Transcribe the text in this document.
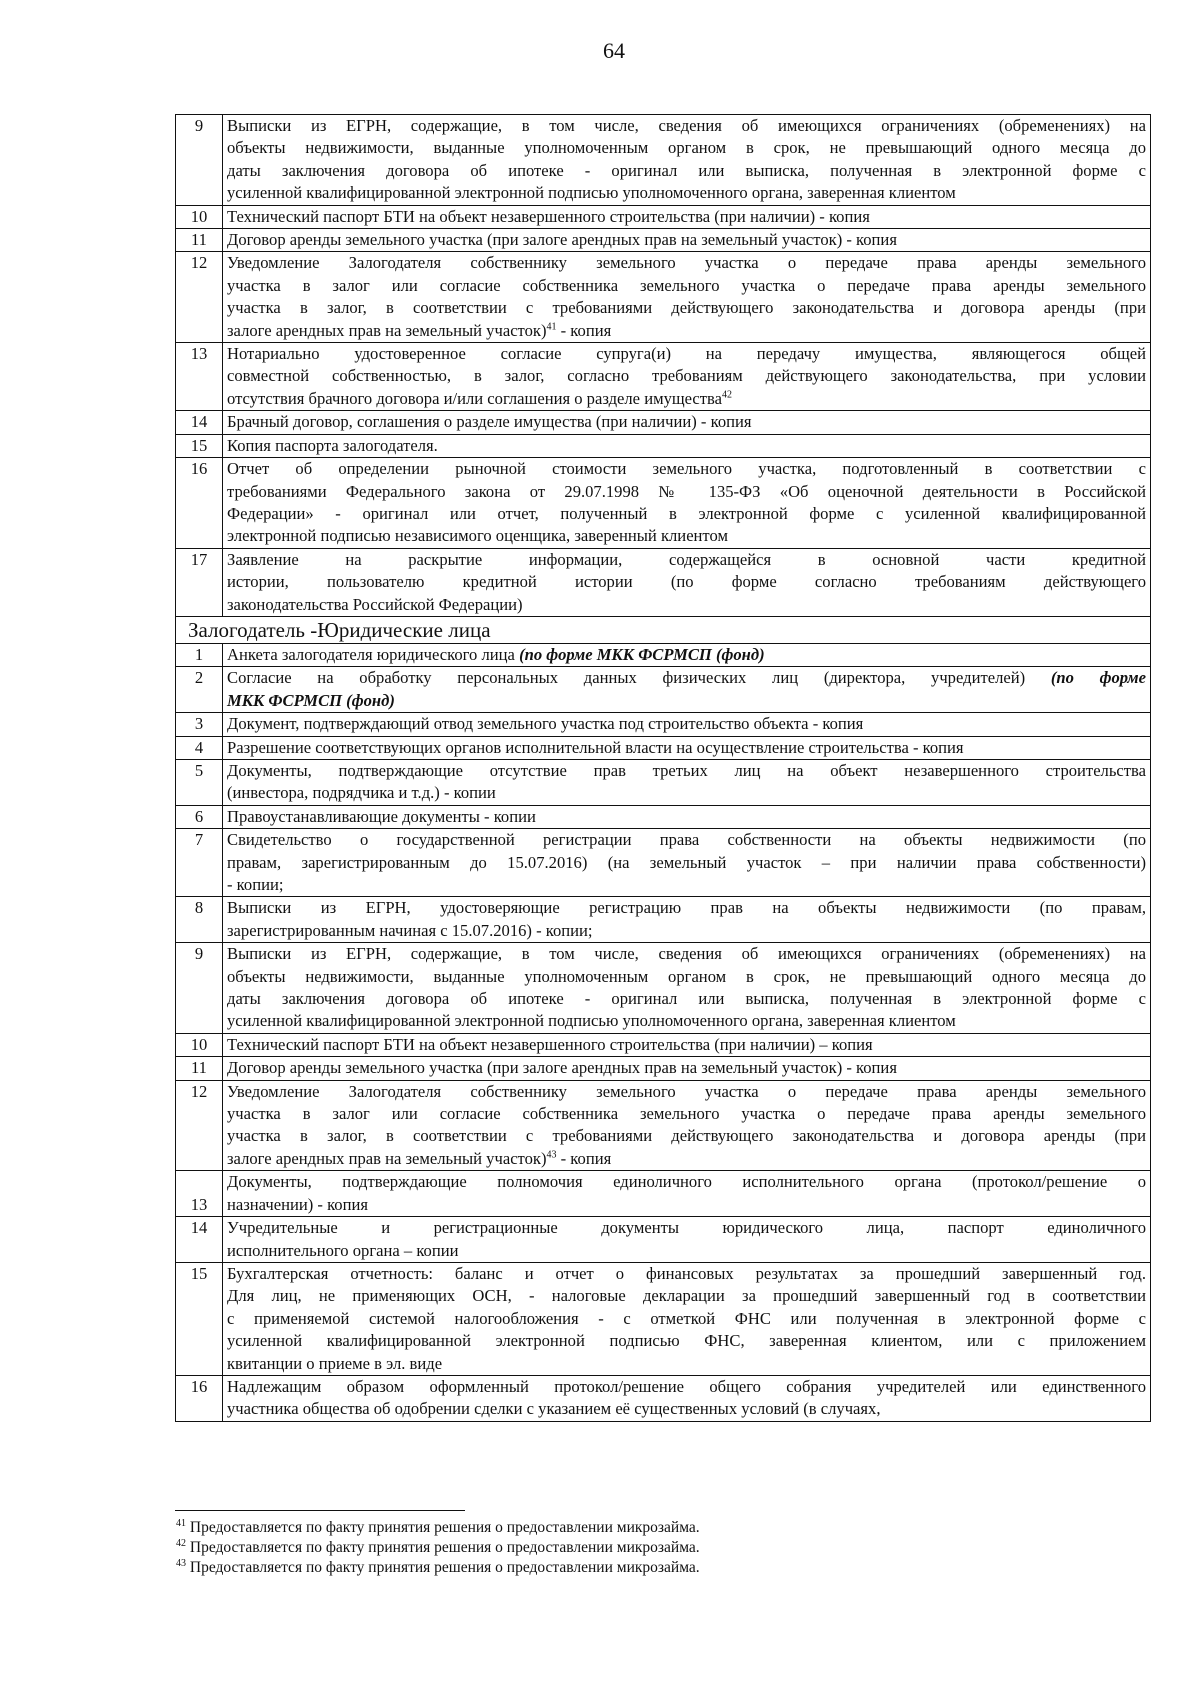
64
9	Выписки из ЕГРН, содержащие, в том числе, сведения об имеющихся ограничениях (обременениях) на
объекты недвижимости, выданные уполномоченным органом в срок, не превышающий одного месяца до
даты заключения договора об ипотеке - оригинал или выписка, полученная в электронной форме с
усиленной квалифицированной электронной подписью уполномоченного органа, заверенная клиентом

10	Технический паспорт БТИ на объект незавершенного строительства (при наличии) - копия

11	Договор аренды земельного участка (при залоге арендных прав на земельный участок) - копия

12	Уведомление Залогодателя собственнику земельного участка о передаче права аренды земельного
участка в залог или согласие собственника земельного участка о передаче права аренды земельного
участка в залог, в соответствии с требованиями действующего законодательства и договора аренды (при
залоге арендных прав на земельный участок)$^{41}$ - копия

13	Нотариально удостоверенное согласие супруга(и) на передачу имущества, являющегося общей
совместной собственностью, в залог, согласно требованиям действующего законодательства, при условии
отсутствия брачного договора и/или соглашения о разделе имущества$^{42}$

14	Брачный договор, соглашения о разделе имущества (при наличии) - копия

15	Копия паспорта залогодателя.

16	Отчет об определении рыночной стоимости земельного участка, подготовленный в соответствии с
требованиями Федерального закона от 29.07.1998 № 135-ФЗ «Об оценочной деятельности в Российской
Федерации» - оригинал или отчет, полученный в электронной форме с усиленной квалифицированной
электронной подписью независимого оценщика, заверенный клиентом

17	Заявление на раскрытие информации, содержащейся в основной части кредитной
истории, пользователю кредитной истории (по форме согласно требованиям действующего
законодательства Российской Федерации)

Залогодатель -Юридические лица	
1	Анкета залогодателя юридического лица (по форме МКК ФСРМСП (фонд)

2	Согласие на обработку персональных данных физических лиц (директора, учредителей) (по форме
МКК ФСРМСП (фонд)

3	Документ, подтверждающий отвод земельного участка под строительство объекта - копия

4	Разрешение соответствующих органов исполнительной власти на осуществление строительства - копия

5	Документы, подтверждающие отсутствие прав третьих лиц на объект незавершенного строительства
(инвестора, подрядчика и т.д.) - копии

6	Правоустанавливающие документы - копии

7	Свидетельство о государственной регистрации права собственности на объекты недвижимости (по
правам, зарегистрированным до 15.07.2016) (на земельный участок – при наличии права собственности)
- копии;

8	Выписки из ЕГРН, удостоверяющие регистрацию прав на объекты недвижимости (по правам,
зарегистрированным начиная с 15.07.2016) - копии;

9	Выписки из ЕГРН, содержащие, в том числе, сведения об имеющихся ограничениях (обременениях) на
объекты недвижимости, выданные уполномоченным органом в срок, не превышающий одного месяца до
даты заключения договора об ипотеке - оригинал или выписка, полученная в электронной форме с
усиленной квалифицированной электронной подписью уполномоченного органа, заверенная клиентом

10	Технический паспорт БТИ на объект незавершенного строительства (при наличии) – копия

11	Договор аренды земельного участка (при залоге арендных прав на земельный участок) - копия

12	Уведомление Залогодателя собственнику земельного участка о передаче права аренды земельного
участка в залог или согласие собственника земельного участка о передаче права аренды земельного
участка в залог, в соответствии с требованиями действующего законодательства и договора аренды (при
залоге арендных прав на земельный участок)$^{43}$ - копия

13	Документы, подтверждающие полномочия единоличного исполнительного органа (протокол/решение о
назначении) - копия

14	Учредительные и регистрационные документы юридического лица, паспорт единоличного
исполнительного органа – копии

15	Бухгалтерская отчетность: баланс и отчет о финансовых результатах за прошедший завершенный год.
Для лиц, не применяющих ОСН, - налоговые декларации за прошедший завершенный год в соответствии
с применяемой системой налогообложения - с отметкой ФНС или полученная в электронной форме с
усиленной квалифицированной электронной подписью ФНС, заверенная клиентом, или с приложением
квитанции о приеме в эл. виде

16	Надлежащим образом оформленный протокол/решение общего собрания учредителей или единственного
участника общества об одобрении сделки с указанием её существенных условий (в случаях,
$^{41}$ Предоставляется по факту принятия решения о предоставлении микрозайма.
$^{42}$ Предоставляется по факту принятия решения о предоставлении микрозайма.
$^{43}$ Предоставляется по факту принятия решения о предоставлении микрозайма.
